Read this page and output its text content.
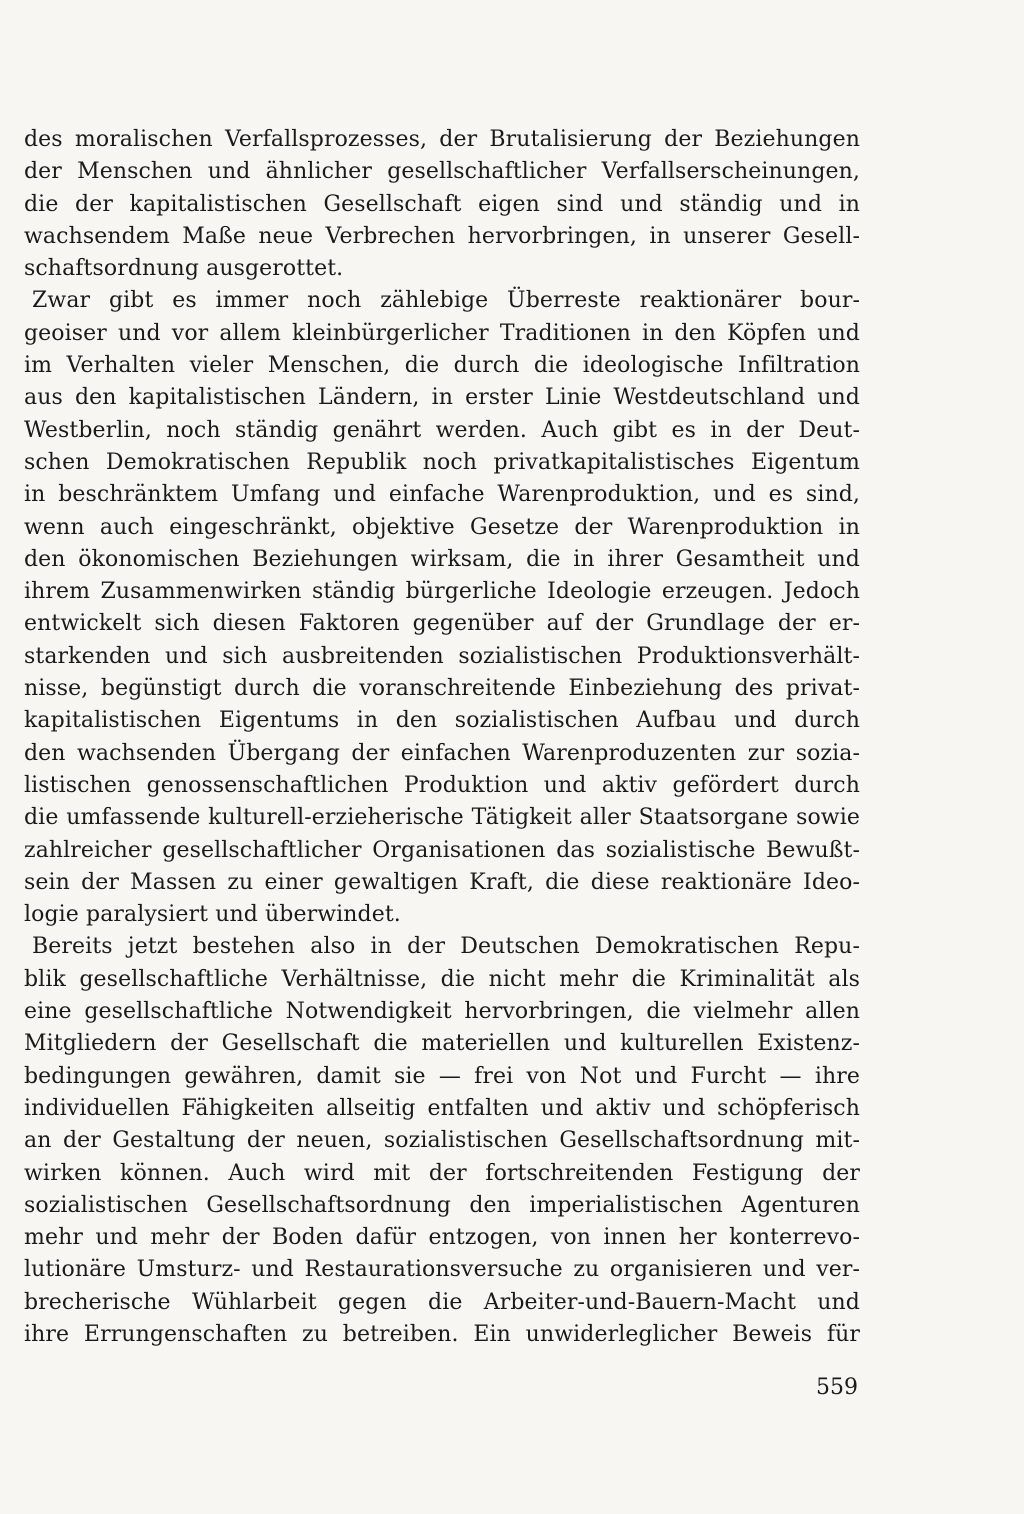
des moralischen Verfallsprozesses, der Brutalisierung der Beziehungen
der Menschen und ähnlicher gesellschaftlicher Verfallserscheinungen,
die der kapitalistischen Gesellschaft eigen sind und ständig und in
wachsendem Maße neue Verbrechen hervorbringen, in unserer Gesell-
schaftsordnung ausgerottet.
Zwar gibt es immer noch zählebige Überreste reaktionärer bour-
geoiser und vor allem kleinbürgerlicher Traditionen in den Köpfen und
im Verhalten vieler Menschen, die durch die ideologische Infiltration
aus den kapitalistischen Ländern, in erster Linie Westdeutschland und
Westberlin, noch ständig genährt werden. Auch gibt es in der Deut-
schen Demokratischen Republik noch privatkapitalistisches Eigentum
in beschränktem Umfang und einfache Warenproduktion, und es sind,
wenn auch eingeschränkt, objektive Gesetze der Warenproduktion in
den ökonomischen Beziehungen wirksam, die in ihrer Gesamtheit und
ihrem Zusammenwirken ständig bürgerliche Ideologie erzeugen. Jedoch
entwickelt sich diesen Faktoren gegenüber auf der Grundlage der er-
starkenden und sich ausbreitenden sozialistischen Produktionsverhält-
nisse, begünstigt durch die voranschreitende Einbeziehung des privat-
kapitalistischen Eigentums in den sozialistischen Aufbau und durch
den wachsenden Übergang der einfachen Warenproduzenten zur sozia-
listischen genossenschaftlichen Produktion und aktiv gefördert durch
die umfassende kulturell-erzieherische Tätigkeit aller Staatsorgane sowie
zahlreicher gesellschaftlicher Organisationen das sozialistische Bewußt-
sein der Massen zu einer gewaltigen Kraft, die diese reaktionäre Ideo-
logie paralysiert und überwindet.
Bereits jetzt bestehen also in der Deutschen Demokratischen Repu-
blik gesellschaftliche Verhältnisse, die nicht mehr die Kriminalität als
eine gesellschaftliche Notwendigkeit hervorbringen, die vielmehr allen
Mitgliedern der Gesellschaft die materiellen und kulturellen Existenz-
bedingungen gewähren, damit sie — frei von Not und Furcht — ihre
individuellen Fähigkeiten allseitig entfalten und aktiv und schöpferisch
an der Gestaltung der neuen, sozialistischen Gesellschaftsordnung mit-
wirken können. Auch wird mit der fortschreitenden Festigung der
sozialistischen Gesellschaftsordnung den imperialistischen Agenturen
mehr und mehr der Boden dafür entzogen, von innen her konterrevo-
lutionäre Umsturz- und Restaurationsversuche zu organisieren und ver-
brecherische Wühlarbeit gegen die Arbeiter-und-Bauern-Macht und
ihre Errungenschaften zu betreiben. Ein unwiderleglicher Beweis für
559
